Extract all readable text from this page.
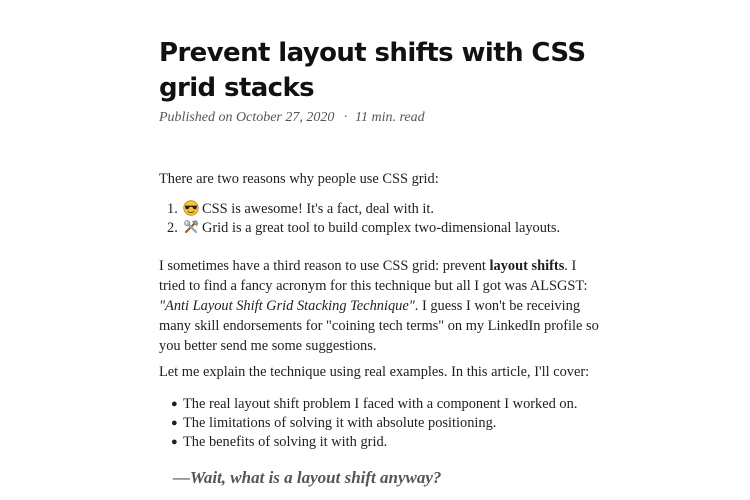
Prevent layout shifts with CSS grid stacks
Published on October 27, 2020 · 11 min. read

There are two reasons why people use CSS grid:

1. CSS is awesome! It's a fact, deal with it.
2. Grid is a great tool to build complex two-dimensional layouts.

I sometimes have a third reason to use CSS grid: prevent layout shifts. I tried to find a fancy acronym for this technique but all I got was ALSGST: "Anti Layout Shift Grid Stacking Technique". I guess I won't be receiving many skill endorsements for "coining tech terms" on my LinkedIn profile so you better send me some suggestions.

Let me explain the technique using real examples. In this article, I'll cover:

● The real layout shift problem I faced with a component I worked on.
● The limitations of solving it with absolute positioning.
● The benefits of solving it with grid.
—Wait, what is a layout shift anyway?
